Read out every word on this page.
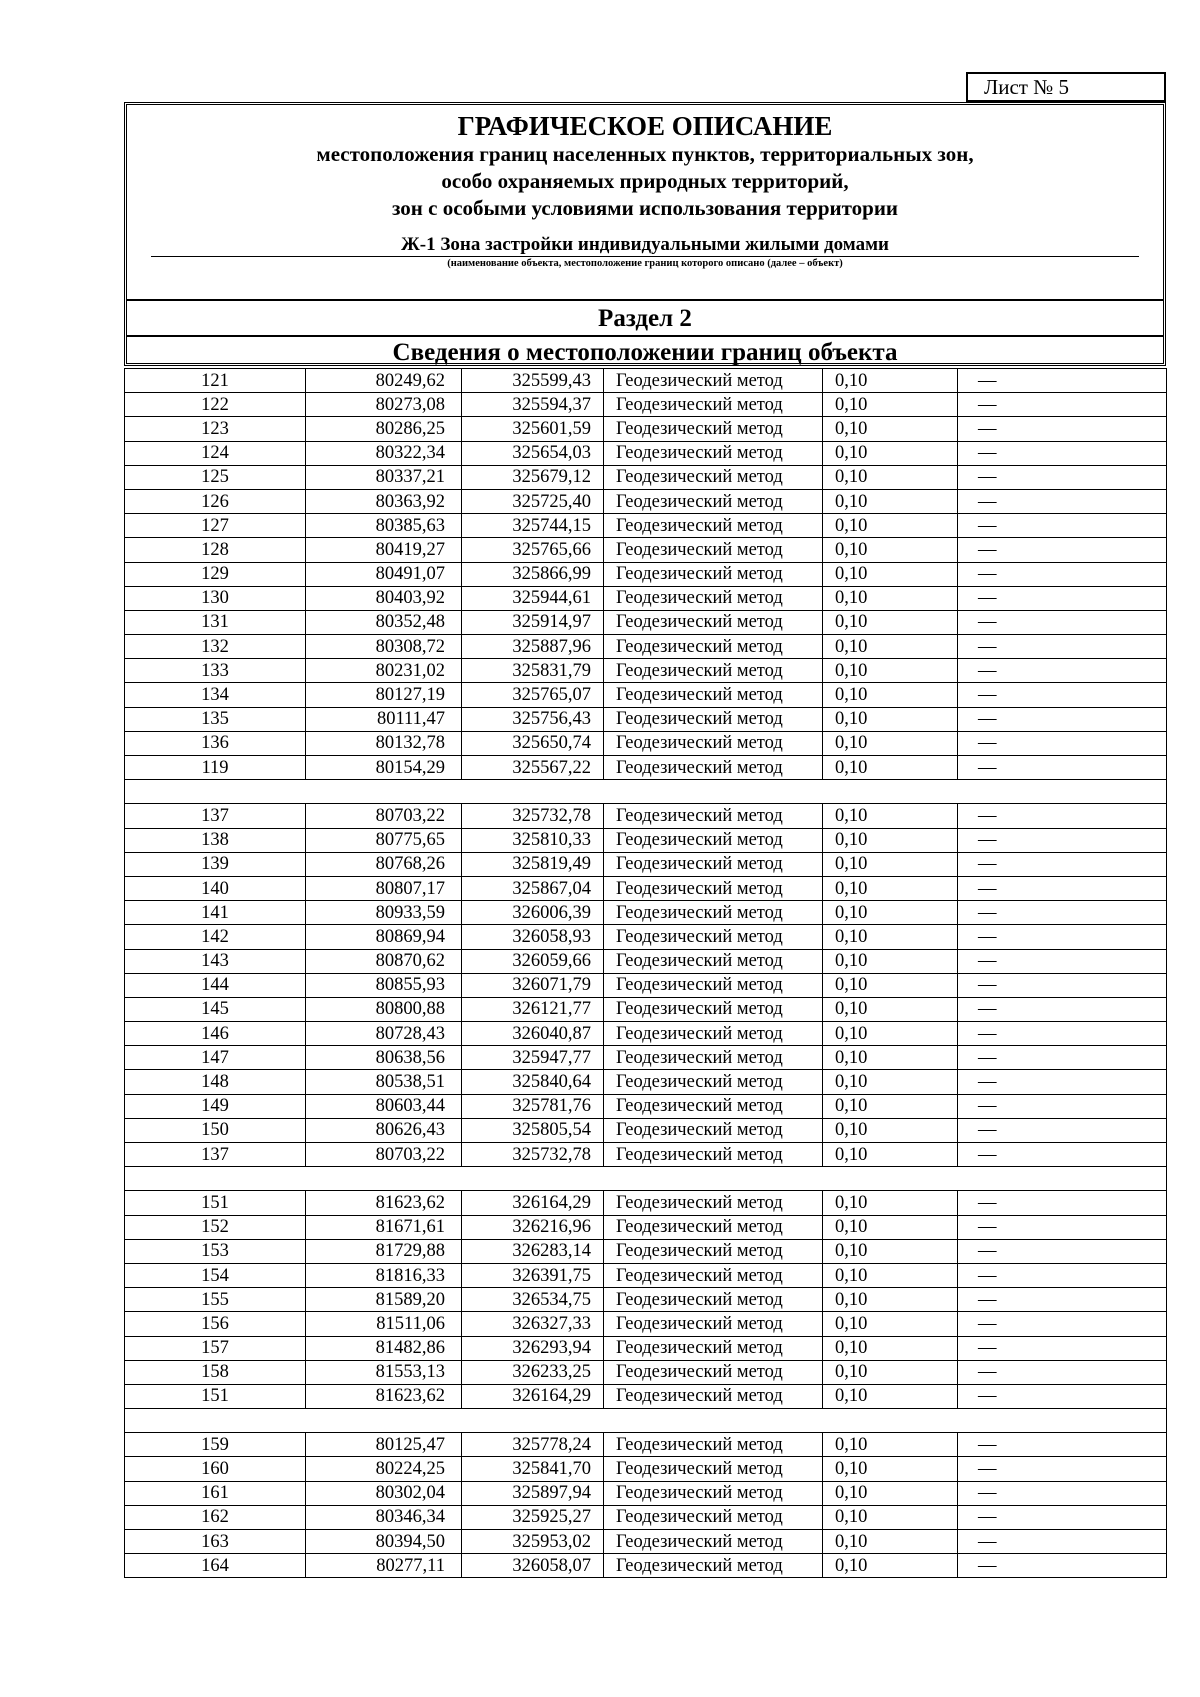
Лист № 5
ГРАФИЧЕСКОЕ ОПИСАНИЕ
местоположения границ населенных пунктов, территориальных зон,
особо охраняемых природных территорий,
зон с особыми условиями использования территории
Ж-1 Зона застройки индивидуальными жилыми домами
(наименование объекта, местоположение границ которого описано (далее – объект)
Раздел 2
Сведения о местоположении границ объекта
121	80249,62	325599,43	Геодезический метод	0,10	—
122	80273,08	325594,37	Геодезический метод	0,10	—
123	80286,25	325601,59	Геодезический метод	0,10	—
124	80322,34	325654,03	Геодезический метод	0,10	—
125	80337,21	325679,12	Геодезический метод	0,10	—
126	80363,92	325725,40	Геодезический метод	0,10	—
127	80385,63	325744,15	Геодезический метод	0,10	—
128	80419,27	325765,66	Геодезический метод	0,10	—
129	80491,07	325866,99	Геодезический метод	0,10	—
130	80403,92	325944,61	Геодезический метод	0,10	—
131	80352,48	325914,97	Геодезический метод	0,10	—
132	80308,72	325887,96	Геодезический метод	0,10	—
133	80231,02	325831,79	Геодезический метод	0,10	—
134	80127,19	325765,07	Геодезический метод	0,10	—
135	80111,47	325756,43	Геодезический метод	0,10	—
136	80132,78	325650,74	Геодезический метод	0,10	—
119	80154,29	325567,22	Геодезический метод	0,10	—

137	80703,22	325732,78	Геодезический метод	0,10	—
138	80775,65	325810,33	Геодезический метод	0,10	—
139	80768,26	325819,49	Геодезический метод	0,10	—
140	80807,17	325867,04	Геодезический метод	0,10	—
141	80933,59	326006,39	Геодезический метод	0,10	—
142	80869,94	326058,93	Геодезический метод	0,10	—
143	80870,62	326059,66	Геодезический метод	0,10	—
144	80855,93	326071,79	Геодезический метод	0,10	—
145	80800,88	326121,77	Геодезический метод	0,10	—
146	80728,43	326040,87	Геодезический метод	0,10	—
147	80638,56	325947,77	Геодезический метод	0,10	—
148	80538,51	325840,64	Геодезический метод	0,10	—
149	80603,44	325781,76	Геодезический метод	0,10	—
150	80626,43	325805,54	Геодезический метод	0,10	—
137	80703,22	325732,78	Геодезический метод	0,10	—

151	81623,62	326164,29	Геодезический метод	0,10	—
152	81671,61	326216,96	Геодезический метод	0,10	—
153	81729,88	326283,14	Геодезический метод	0,10	—
154	81816,33	326391,75	Геодезический метод	0,10	—
155	81589,20	326534,75	Геодезический метод	0,10	—
156	81511,06	326327,33	Геодезический метод	0,10	—
157	81482,86	326293,94	Геодезический метод	0,10	—
158	81553,13	326233,25	Геодезический метод	0,10	—
151	81623,62	326164,29	Геодезический метод	0,10	—

159	80125,47	325778,24	Геодезический метод	0,10	—
160	80224,25	325841,70	Геодезический метод	0,10	—
161	80302,04	325897,94	Геодезический метод	0,10	—
162	80346,34	325925,27	Геодезический метод	0,10	—
163	80394,50	325953,02	Геодезический метод	0,10	—
164	80277,11	326058,07	Геодезический метод	0,10	—
